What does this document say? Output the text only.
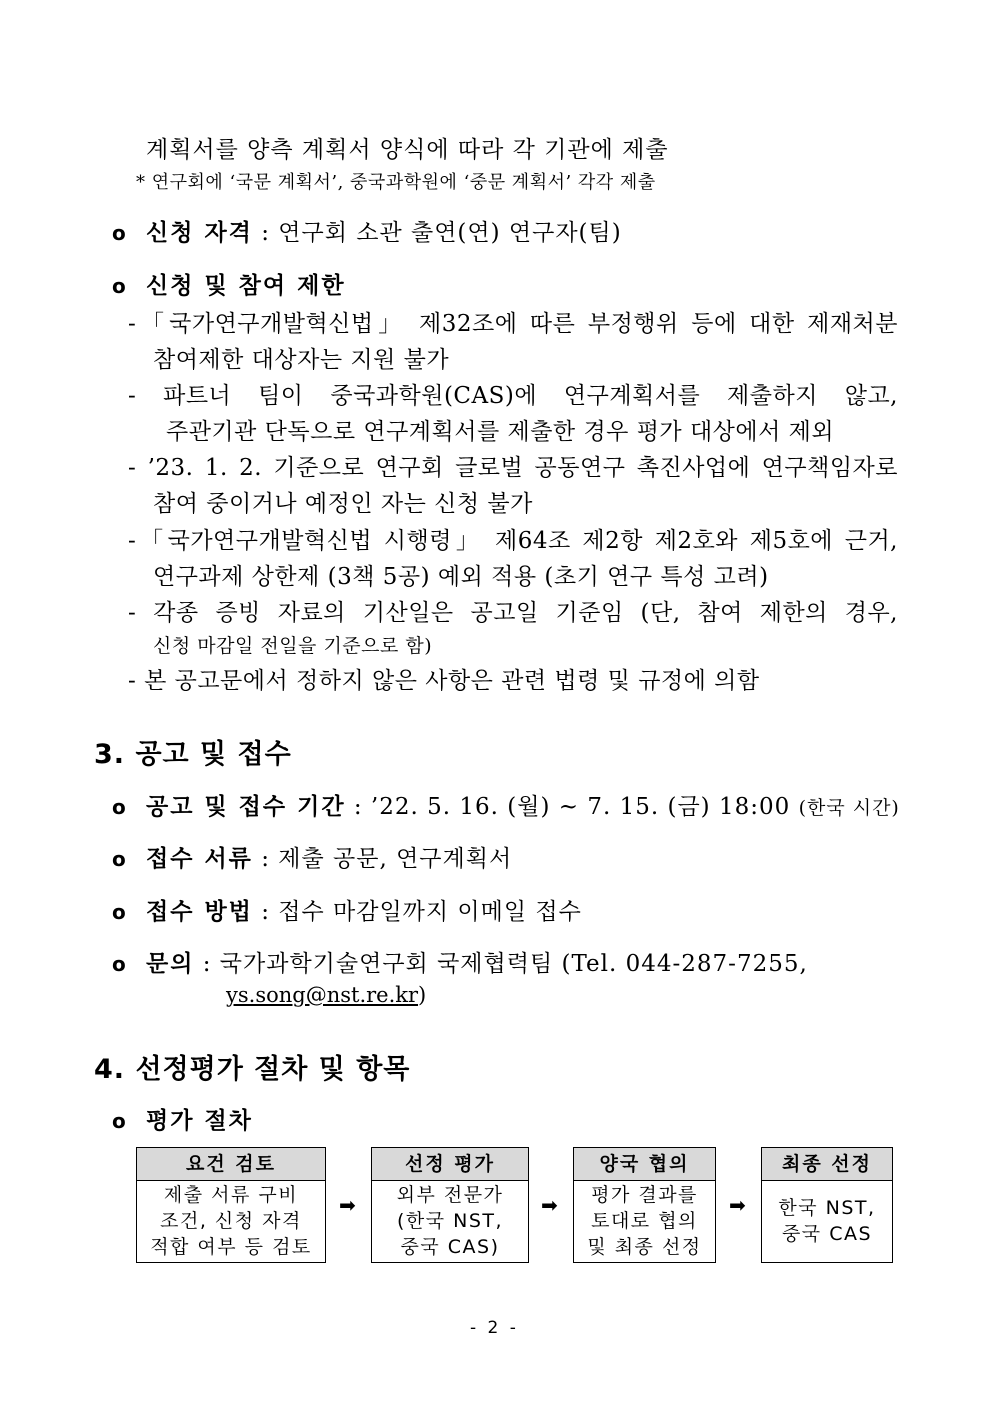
계획서를 양측 계획서 양식에 따라 각 기관에 제출
* 연구회에 ‘국문 계획서’, 중국과학원에 ‘중문 계획서’ 각각 제출
o 신청 자격 : 연구회 소관 출연(연) 연구자(팀)
o 신청 및 참여 제한
-「국가연구개발혁신법」 제32조에 따른 부정행위 등에 대한 제재처분
참여제한 대상자는 지원 불가
- 파트너 팀이 중국과학원(CAS)에 연구계획서를 제출하지 않고,
주관기관 단독으로 연구계획서를 제출한 경우 평가 대상에서 제외
- ’23. 1. 2. 기준으로 연구회 글로벌 공동연구 촉진사업에 연구책임자로
참여 중이거나 예정인 자는 신청 불가
-「국가연구개발혁신법 시행령」 제64조 제2항 제2호와 제5호에 근거,
연구과제 상한제 (3책 5공) 예외 적용 (초기 연구 특성 고려)
- 각종 증빙 자료의 기산일은 공고일 기준임 (단, 참여 제한의 경우,
신청 마감일 전일을 기준으로 함)
- 본 공고문에서 정하지 않은 사항은 관련 법령 및 규정에 의함
3. 공고 및 접수
o 공고 및 접수 기간 : ’22. 5. 16. (월) ~ 7. 15. (금) 18:00 (한국 시간)
o 접수 서류 : 제출 공문, 연구계획서
o 접수 방법 : 접수 마감일까지 이메일 접수
o 문의 : 국가과학기술연구회 국제협력팀 (Tel. 044-287-7255,
ys.song@nst.re.kr)
4. 선정평가 절차 및 항목
o 평가 절차
요건 검토
제출 서류 구비
조건, 신청 자격
적합 여부 등 검토
➡
선정 평가
외부 전문가
(한국 NST,
중국 CAS)
➡
양국 협의
평가 결과를
토대로 협의
및 최종 선정
➡
최종 선정
한국 NST,
중국 CAS
- 2 -
